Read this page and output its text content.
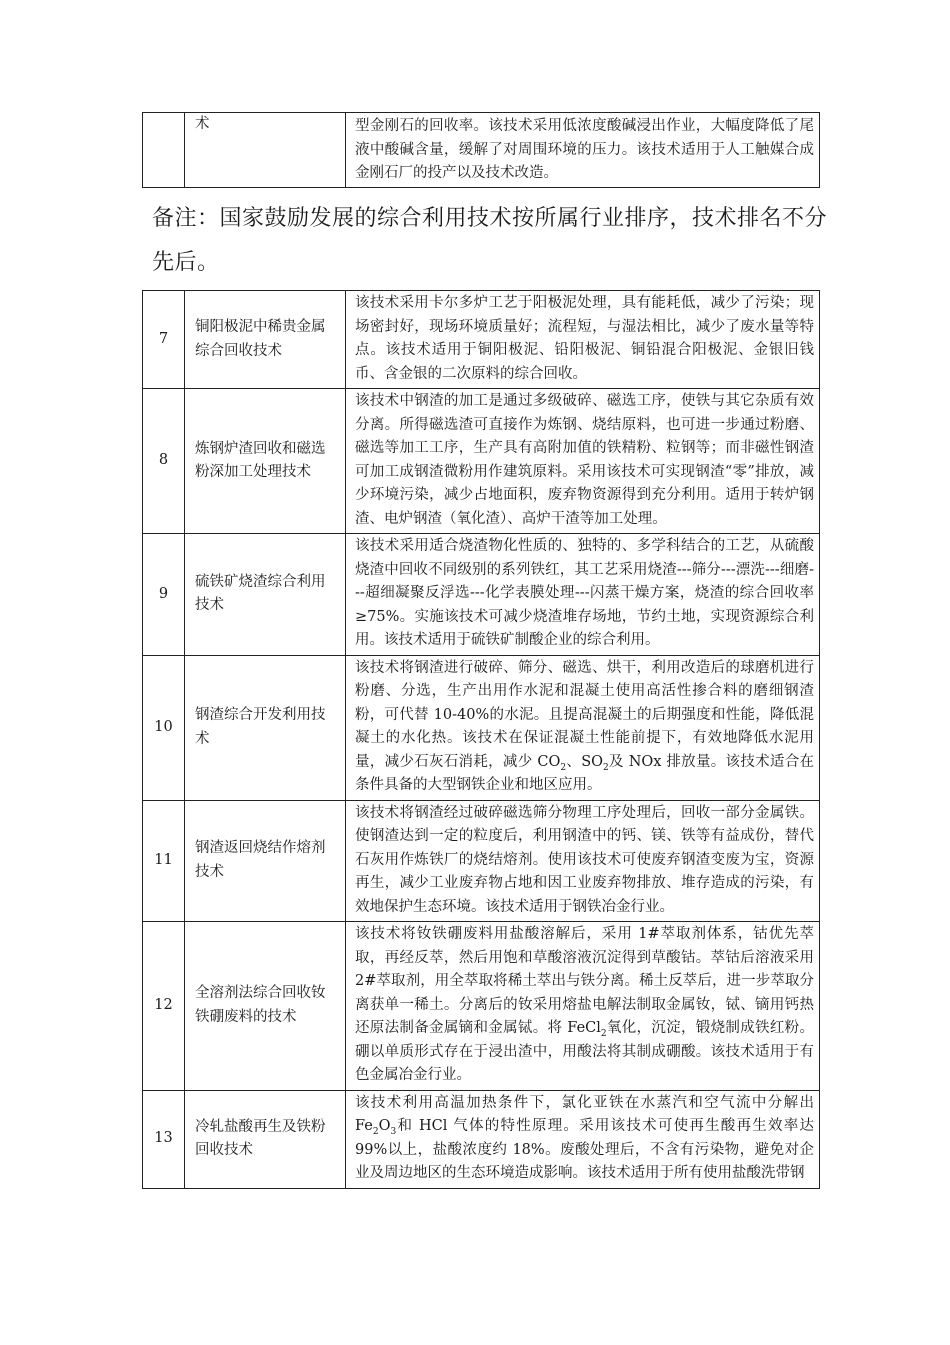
	术	型金刚石的回收率。该技术采用低浓度酸碱浸出作业，大幅度降低了尾液中酸碱含量，缓解了对周围环境的压力。该技术适用于人工触媒合成金刚石厂的投产以及技术改造。
备注：国家鼓励发展的综合利用技术按所属行业排序，技术排名不分先后。
7	铜阳极泥中稀贵金属综合回收技术	该技术采用卡尔多炉工艺于阳极泥处理，具有能耗低，减少了污染；现场密封好，现场环境质量好；流程短，与湿法相比，减少了废水量等特点。该技术适用于铜阳极泥、铅阳极泥、铜铅混合阳极泥、金银旧钱币、含金银的二次原料的综合回收。
8	炼钢炉渣回收和磁选粉深加工处理技术	该技术中钢渣的加工是通过多级破碎、磁选工序，使铁与其它杂质有效分离。所得磁选渣可直接作为炼钢、烧结原料，也可进一步通过粉磨、磁选等加工工序，生产具有高附加值的铁精粉、粒钢等；而非磁性钢渣可加工成钢渣微粉用作建筑原料。采用该技术可实现钢渣“零”排放，减少环境污染，减少占地面积，废弃物资源得到充分利用。适用于转炉钢渣、电炉钢渣（氧化渣）、高炉干渣等加工处理。
9	硫铁矿烧渣综合利用技术	该技术采用适合烧渣物化性质的、独特的、多学科结合的工艺，从硫酸烧渣中回收不同级别的系列铁红，其工艺采用烧渣---筛分---漂洗---细磨---超细凝聚反浮选---化学表膜处理---闪蒸干燥方案，烧渣的综合回收率≥75%。实施该技术可减少烧渣堆存场地，节约土地，实现资源综合利用。该技术适用于硫铁矿制酸企业的综合利用。
10	钢渣综合开发利用技术	该技术将钢渣进行破碎、筛分、磁选、烘干，利用改造后的球磨机进行粉磨、分选，生产出用作水泥和混凝土使用高活性掺合料的磨细钢渣粉，可代替 10-40%的水泥。且提高混凝土的后期强度和性能，降低混凝土的水化热。该技术在保证混凝土性能前提下，有效地降低水泥用量，减少石灰石消耗，减少 $CO_2$、$SO_2$及 NOx 排放量。该技术适合在条件具备的大型钢铁企业和地区应用。
11	钢渣返回烧结作熔剂技术	该技术将钢渣经过破碎磁选筛分物理工序处理后，回收一部分金属铁。使钢渣达到一定的粒度后，利用钢渣中的钙、镁、铁等有益成份，替代石灰用作炼铁厂的烧结熔剂。使用该技术可使废弃钢渣变废为宝，资源再生，减少工业废弃物占地和因工业废弃物排放、堆存造成的污染，有效地保护生态环境。该技术适用于钢铁冶金行业。
12	全溶剂法综合回收钕铁硼废料的技术	该技术将钕铁硼废料用盐酸溶解后，采用 1#萃取剂体系，钴优先萃取，再经反萃，然后用饱和草酸溶液沉淀得到草酸钴。萃钴后溶液采用 2#萃取剂，用全萃取将稀土萃出与铁分离。稀土反萃后，进一步萃取分离获单一稀土。分离后的钕采用熔盐电解法制取金属钕，铽、镝用钙热还原法制备金属镝和金属铽。将 FeCl$_2$氧化，沉淀，锻烧制成铁红粉。硼以单质形式存在于浸出渣中，用酸法将其制成硼酸。该技术适用于有色金属冶金行业。
13	冷轧盐酸再生及铁粉回收技术	该技术利用高温加热条件下，氯化亚铁在水蒸汽和空气流中分解出 $Fe_2O_3$和 HCl 气体的特性原理。采用该技术可使再生酸再生效率达 99%以上，盐酸浓度约 18%。废酸处理后，不含有污染物，避免对企业及周边地区的生态环境造成影响。该技术适用于所有使用盐酸洗带钢
